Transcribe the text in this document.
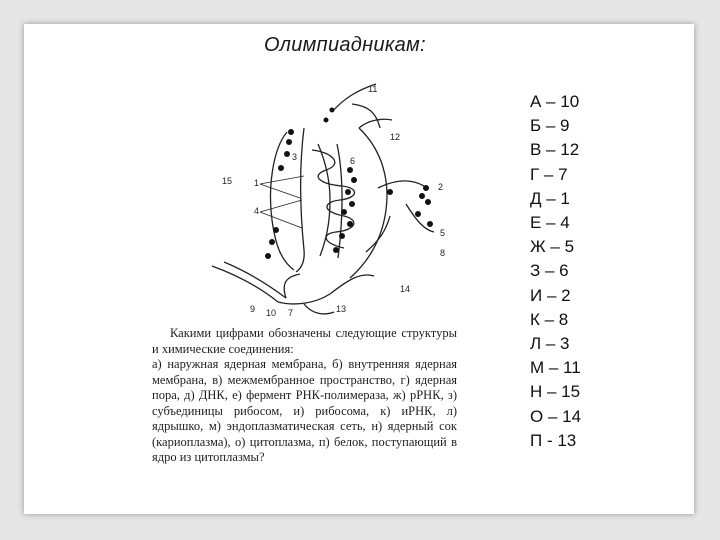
Олимпиадникам:
1	2
3
4
5
6
7
8
9 10
11
12
13
14
15

Какими цифрами обозначены следующие структуры и химические соединения:

а) наружная ядерная мембрана, б) внутренняя ядерная мембрана, в) межмембранное пространство, г) ядерная пора, д) ДНК, е) фермент РНК-полимераза, ж) рРНК, з) субъединицы рибосом, и) рибосома, к) иРНК, л) ядрышко, м) эндоплазматическая сеть, н) ядерный сок (кариоплазма), о) цитоплазма, п) белок, поступающий в ядро из цитоплазмы?

А – 10
Б – 9
В – 12
Г – 7
Д – 1
Е – 4
Ж – 5
З – 6
И – 2
К – 8
Л – 3
М – 11
Н – 15
О – 14
П - 13
